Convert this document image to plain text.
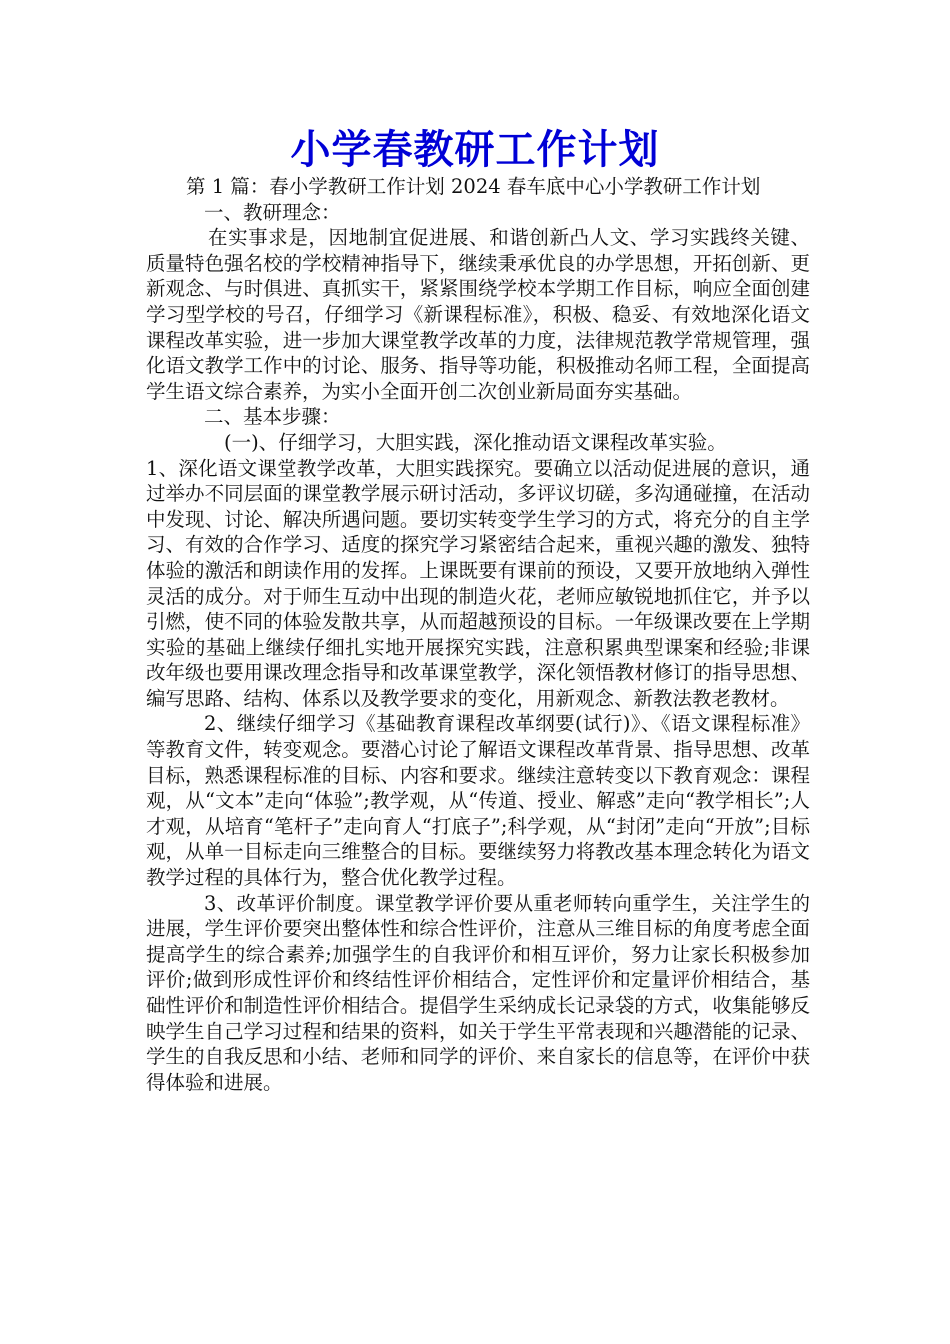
小学春教研工作计划

第 1 篇：春小学教研工作计划 2024 春车底中心小学教研工作计划

一、教研理念：

在实事求是，因地制宜促进展、和谐创新凸人文、学习实践终关键、质量特色强名校的学校精神指导下，继续秉承优良的办学思想，开拓创新、更新观念、与时俱进、真抓实干，紧紧围绕学校本学期工作目标，响应全面创建学习型学校的号召，仔细学习《新课程标准》，积极、稳妥、有效地深化语文课程改革实验，进一步加大课堂教学改革的力度，法律规范教学常规管理，强化语文教学工作中的讨论、服务、指导等功能，积极推动名师工程，全面提高学生语文综合素养，为实小全面开创二次创业新局面夯实基础。

二、基本步骤：

(一)、仔细学习，大胆实践，深化推动语文课程改革实验。

1、深化语文课堂教学改革，大胆实践探究。要确立以活动促进展的意识，通过举办不同层面的课堂教学展示研讨活动，多评议切磋，多沟通碰撞，在活动中发现、讨论、解决所遇问题。要切实转变学生学习的方式，将充分的自主学习、有效的合作学习、适度的探究学习紧密结合起来，重视兴趣的激发、独特体验的激活和朗读作用的发挥。上课既要有课前的预设，又要开放地纳入弹性灵活的成分。对于师生互动中出现的制造火花，老师应敏锐地抓住它，并予以引燃，使不同的体验发散共享，从而超越预设的目标。一年级课改要在上学期实验的基础上继续仔细扎实地开展探究实践，注意积累典型课案和经验;非课改年级也要用课改理念指导和改革课堂教学，深化领悟教材修订的指导思想、编写思路、结构、体系以及教学要求的变化，用新观念、新教法教老教材。

2、继续仔细学习《基础教育课程改革纲要(试行)》、《语文课程标准》等教育文件，转变观念。要潜心讨论了解语文课程改革背景、指导思想、改革目标，熟悉课程标准的目标、内容和要求。继续注意转变以下教育观念：课程观，从“文本”走向“体验”;教学观，从“传道、授业、解惑”走向“教学相长”;人才观，从培育“笔杆子”走向育人“打底子”;科学观，从“封闭”走向“开放”;目标观，从单一目标走向三维整合的目标。要继续努力将教改基本理念转化为语文教学过程的具体行为，整合优化教学过程。

3、改革评价制度。课堂教学评价要从重老师转向重学生，关注学生的进展，学生评价要突出整体性和综合性评价，注意从三维目标的角度考虑全面提高学生的综合素养;加强学生的自我评价和相互评价，努力让家长积极参加评价;做到形成性评价和终结性评价相结合，定性评价和定量评价相结合，基础性评价和制造性评价相结合。提倡学生采纳成长记录袋的方式，收集能够反映学生自己学习过程和结果的资料，如关于学生平常表现和兴趣潜能的记录、学生的自我反思和小结、老师和同学的评价、来自家长的信息等，在评价中获得体验和进展。
